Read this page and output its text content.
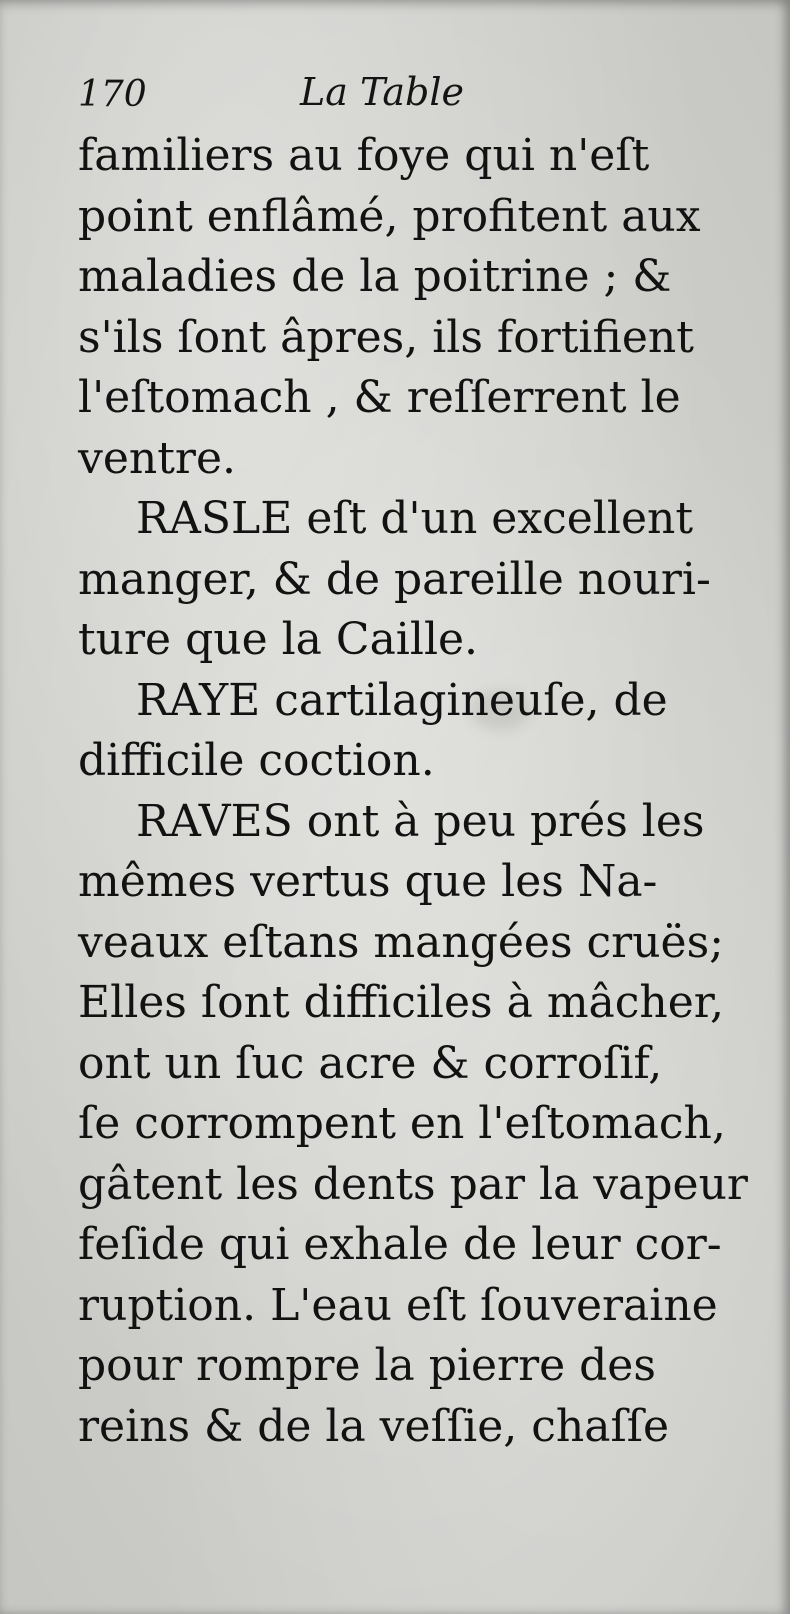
170	La Table
familiers au foye qui n'eſt
point enflâmé, profitent aux
maladies de la poitrine ; &
s'ils ſont âpres, ils fortifient
l'eſtomach , & reſſerrent le
ventre.
RASLE eſt d'un excellent
manger, & de pareille nouri-
ture que la Caille.
RAYE cartilagineuſe, de
difficile coction.
RAVES ont à peu prés les
mêmes vertus que les Na-
veaux eſtans mangées cruës;
Elles ſont difficiles à mâcher,
ont un ſuc acre & corroſif,
ſe corrompent en l'eſtomach,
gâtent les dents par la vapeur
feſide qui exhale de leur cor-
ruption. L'eau eſt ſouveraine
pour rompre la pierre des
reins & de la veſſie, chaſſe
